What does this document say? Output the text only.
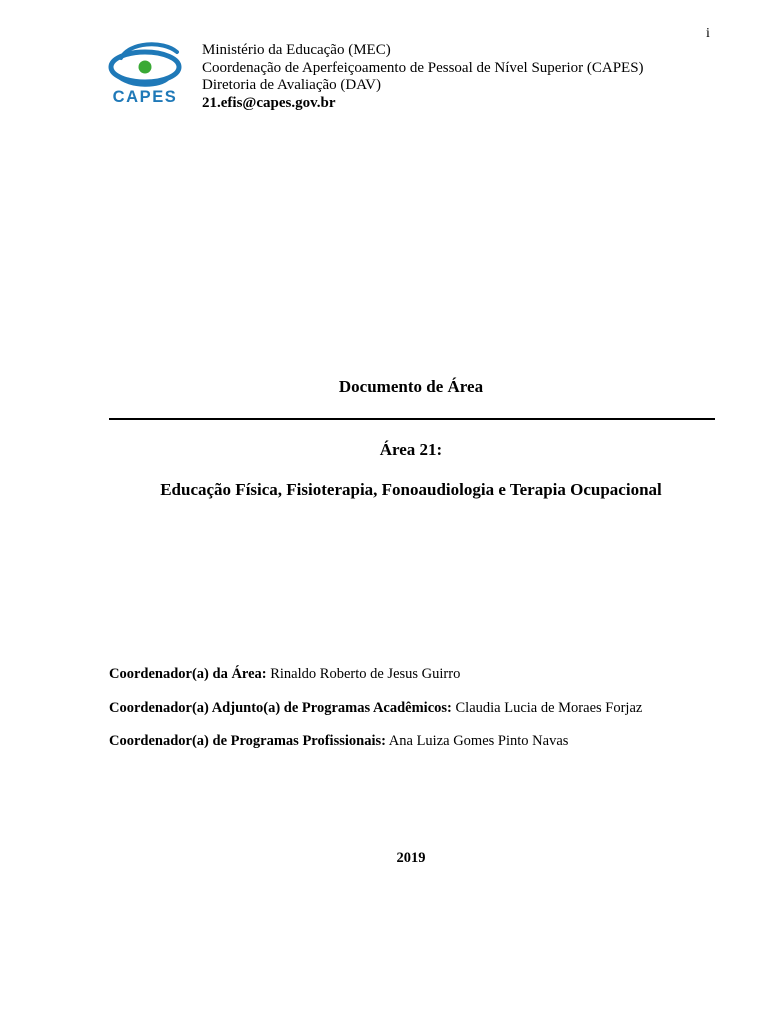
i
CAPES
Ministério da Educação (MEC)
Coordenação de Aperfeiçoamento de Pessoal de Nível Superior (CAPES)
Diretoria de Avaliação (DAV)
21.efis@capes.gov.br
Documento de Área
Área 21:
Educação Física, Fisioterapia, Fonoaudiologia e Terapia Ocupacional
Coordenador(a) da Área: Rinaldo Roberto de Jesus Guirro
Coordenador(a) Adjunto(a) de Programas Acadêmicos: Claudia Lucia de Moraes Forjaz
Coordenador(a) de Programas Profissionais: Ana Luiza Gomes Pinto Navas
2019
